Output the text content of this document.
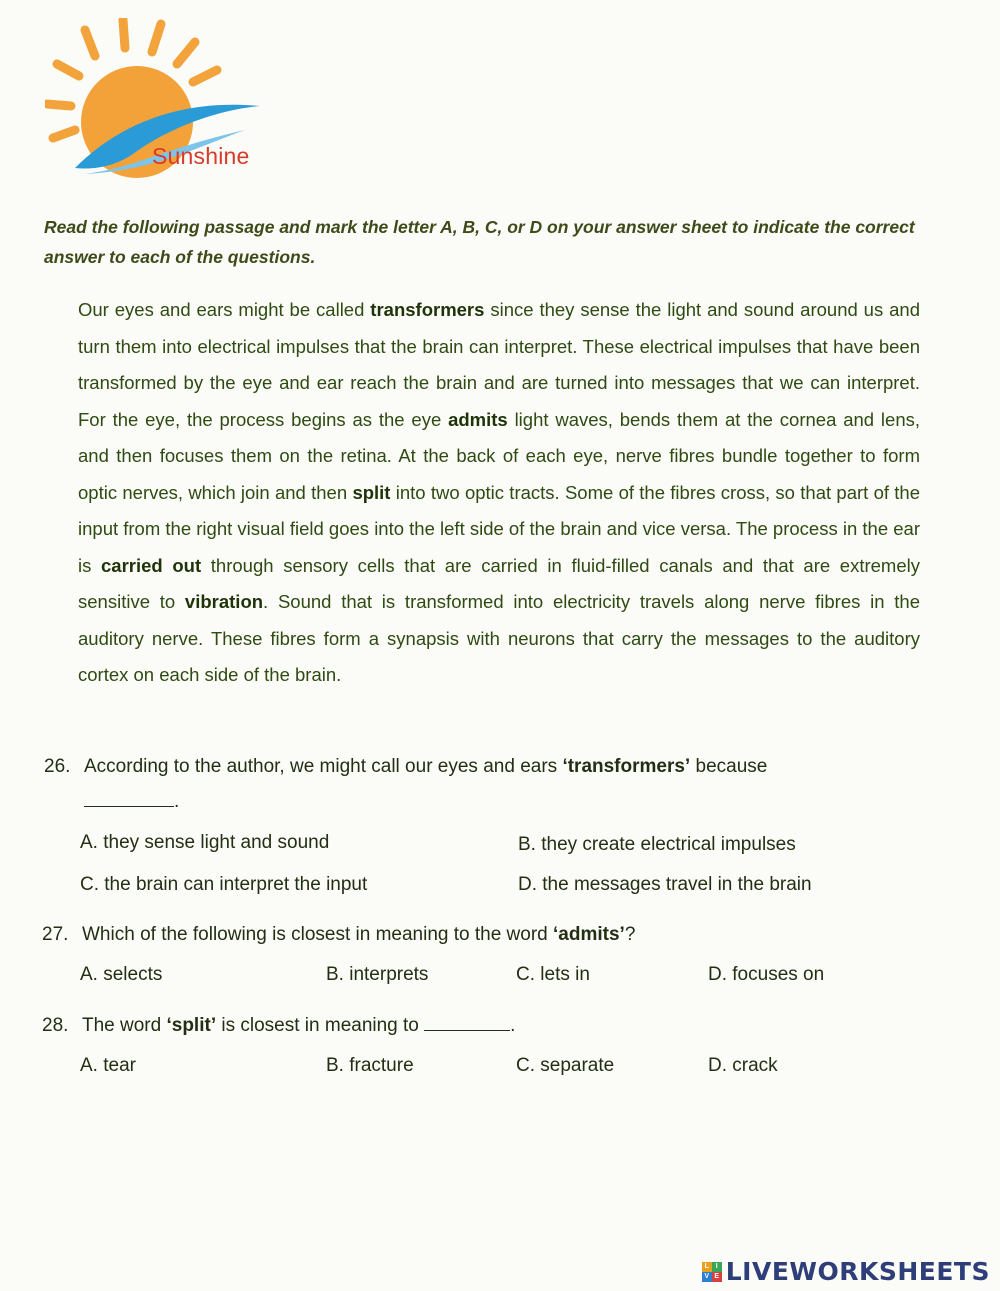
Sunshine
Read the following passage and mark the letter A, B, C, or D on your answer sheet to indicate the correct answer to each of the questions.
Our eyes and ears might be called transformers since they sense the light and sound around us and turn them into electrical impulses that the brain can interpret. These electrical impulses that have been transformed by the eye and ear reach the brain and are turned into messages that we can interpret. For the eye, the process begins as the eye admits light waves, bends them at the cornea and lens, and then focuses them on the retina. At the back of each eye, nerve fibres bundle together to form optic nerves, which join and then split into two optic tracts. Some of the fibres cross, so that part of the input from the right visual field goes into the left side of the brain and vice versa. The process in the ear is carried out through sensory cells that are carried in fluid-filled canals and that are extremely sensitive to vibration. Sound that is transformed into electricity travels along nerve fibres in the auditory nerve. These fibres form a synapsis with neurons that carry the messages to the auditory cortex on each side of the brain.
26. According to the author, we might call our eyes and ears ‘transformers’ because
.
A. they sense light and sound	B. they create electrical impulses
C. the brain can interpret the input	D. the messages travel in the brain
27. Which of the following is closest in meaning to the word ‘admits’?
A. selects	B. interprets	C. lets in	D. focuses on
28. The word ‘split’ is closest in meaning to	.
A. tear	B. fracture	C. separate	D. crack
L I
V E LIVEWORKSHEETS
